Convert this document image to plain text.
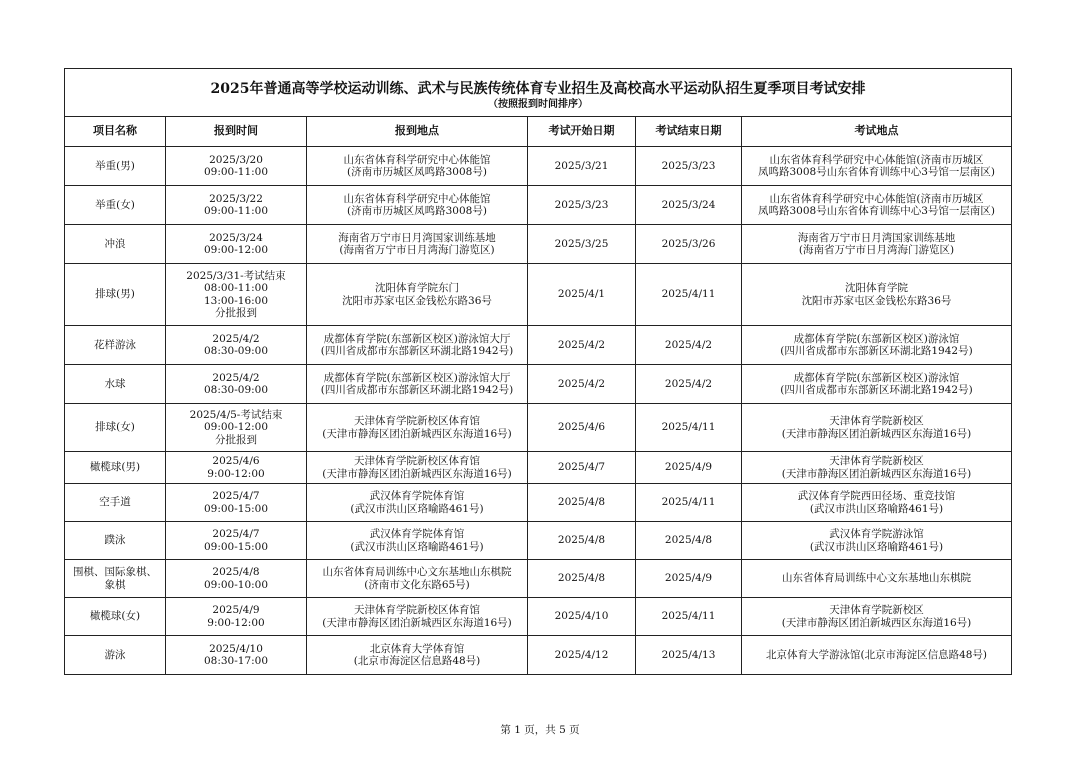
2025年普通高等学校运动训练、武术与民族传统体育专业招生及高校高水平运动队招生夏季项目考试安排
（按照报到时间排序）					

项目名称	报到时间	报到地点	考试开始日期	考试结束日期	考试地点

举重(男)	2025/3/20
09:00-11:00	山东省体育科学研究中心体能馆
(济南市历城区凤鸣路3008号)	2025/3/21	2025/3/23	山东省体育科学研究中心体能馆(济南市历城区
凤鸣路3008号山东省体育训练中心3号馆一层南区)

举重(女)	2025/3/22
09:00-11:00	山东省体育科学研究中心体能馆
(济南市历城区凤鸣路3008号)	2025/3/23	2025/3/24	山东省体育科学研究中心体能馆(济南市历城区
凤鸣路3008号山东省体育训练中心3号馆一层南区)

冲浪	2025/3/24
09:00-12:00	海南省万宁市日月湾国家训练基地
(海南省万宁市日月湾海门游览区)	2025/3/25	2025/3/26	海南省万宁市日月湾国家训练基地
(海南省万宁市日月湾海门游览区)

排球(男)	2025/3/31-考试结束
08:00-11:00
13:00-16:00
分批报到	沈阳体育学院东门
沈阳市苏家屯区金钱松东路36号	2025/4/1	2025/4/11	沈阳体育学院
沈阳市苏家屯区金钱松东路36号

花样游泳	2025/4/2
08:30-09:00	成都体育学院(东部新区校区)游泳馆大厅
(四川省成都市东部新区环湖北路1942号)	2025/4/2	2025/4/2	成都体育学院(东部新区校区)游泳馆
(四川省成都市东部新区环湖北路1942号)

水球	2025/4/2
08:30-09:00	成都体育学院(东部新区校区)游泳馆大厅
(四川省成都市东部新区环湖北路1942号)	2025/4/2	2025/4/2	成都体育学院(东部新区校区)游泳馆
(四川省成都市东部新区环湖北路1942号)

排球(女)	2025/4/5-考试结束
09:00-12:00
分批报到	天津体育学院新校区体育馆
(天津市静海区团泊新城西区东海道16号)	2025/4/6	2025/4/11	天津体育学院新校区
(天津市静海区团泊新城西区东海道16号)

橄榄球(男)	2025/4/6
9:00-12:00	天津体育学院新校区体育馆
(天津市静海区团泊新城西区东海道16号)	2025/4/7	2025/4/9	天津体育学院新校区
(天津市静海区团泊新城西区东海道16号)

空手道	2025/4/7
09:00-15:00	武汉体育学院体育馆
(武汉市洪山区珞喻路461号)	2025/4/8	2025/4/11	武汉体育学院西田径场、重竞技馆
(武汉市洪山区珞喻路461号)

蹼泳	2025/4/7
09:00-15:00	武汉体育学院体育馆
(武汉市洪山区珞喻路461号)	2025/4/8	2025/4/8	武汉体育学院游泳馆
(武汉市洪山区珞喻路461号)

围棋、国际象棋、
象棋	2025/4/8
09:00-10:00	山东省体育局训练中心文东基地山东棋院
(济南市文化东路65号)	2025/4/8	2025/4/9	山东省体育局训练中心文东基地山东棋院

橄榄球(女)	2025/4/9
9:00-12:00	天津体育学院新校区体育馆
(天津市静海区团泊新城西区东海道16号)	2025/4/10	2025/4/11	天津体育学院新校区
(天津市静海区团泊新城西区东海道16号)

游泳	2025/4/10
08:30-17:00	北京体育大学体育馆
(北京市海淀区信息路48号)	2025/4/12	2025/4/13	北京体育大学游泳馆(北京市海淀区信息路48号)
第 1 页，共 5 页
